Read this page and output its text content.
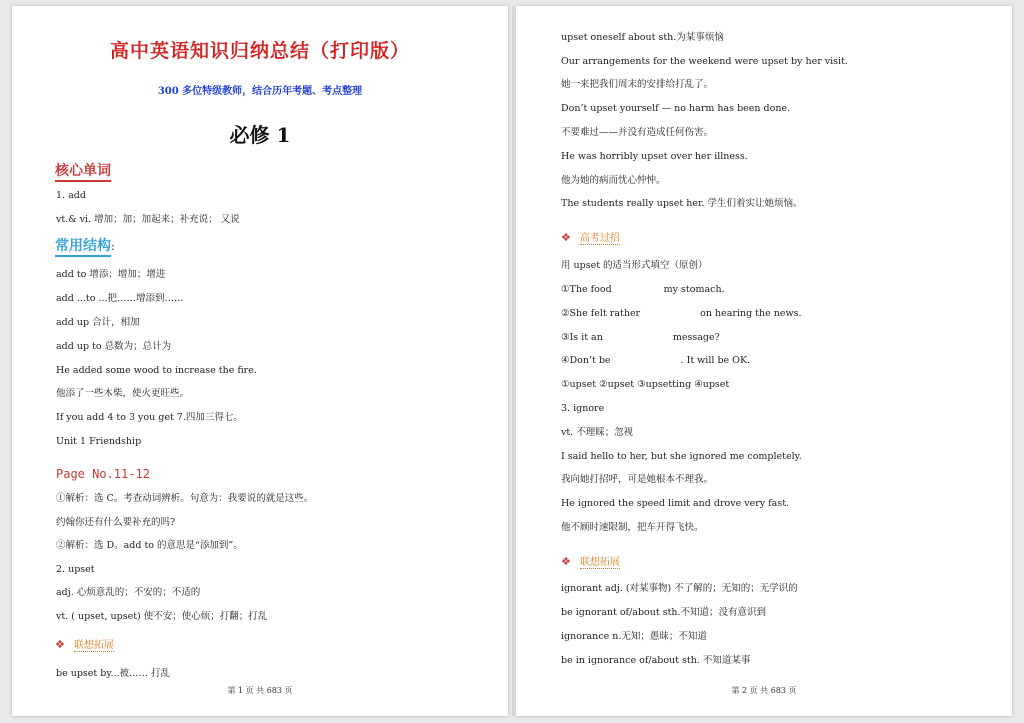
高中英语知识归纳总结（打印版）
300 多位特级教师，结合历年考题、考点整理
必修 1
核心单词
1. add
vt.& vi. 增加；加；加起来；补充说； 又说
常用结构:
add to 增添；增加；增进
add ...to ...把……增添到……
add up 合计，相加
add up to 总数为；总计为
He added some wood to increase the fire.
他添了一些木柴，使火更旺些。
If you add 4 to 3 you get 7.四加三得七。
Unit 1 Friendship
Page No.11-12
①解析：选 C。考查动词辨析。句意为：我要说的就是这些。
约翰你还有什么要补充的吗?
②解析：选 D。add to 的意思是“添加到”。
2. upset
adj. 心烦意乱的；不安的；不适的
vt. ( upset, upset) 使不安；使心烦；打翻；打乱
❖ 联想拓展
be upset by...被…… 打乱
第 1 页 共 683 页
upset oneself about sth.为某事烦恼
Our arrangements for the weekend were upset by her visit.
她一来把我们周末的安排给打乱了。
Don’t upset yourself — no harm has been done.
不要难过——并没有造成任何伤害。
He was horribly upset over her illness.
他为她的病而忧心忡忡。
The students really upset her. 学生们着实让她烦恼。
❖ 高考过招
用 upset 的适当形式填空（原创）
①The food	my stomach.
②She felt rather	on hearing the news.
③Is it an	message?
④Don’t be	. It will be OK.
①upset ②upset ③upsetting ④upset
3. ignore
vt. 不理睬；忽视
I said hello to her, but she ignored me completely.
我向她打招呼，可是她根本不理我。
He ignored the speed limit and drove very fast.
他不顾时速限制，把车开得飞快。
❖ 联想拓展
ignorant adj. (对某事物) 不了解的；无知的；无学识的
be ignorant of/about sth.不知道；没有意识到
ignorance n.无知；愚昧；不知道
be in ignorance of/about sth. 不知道某事
第 2 页 共 683 页
